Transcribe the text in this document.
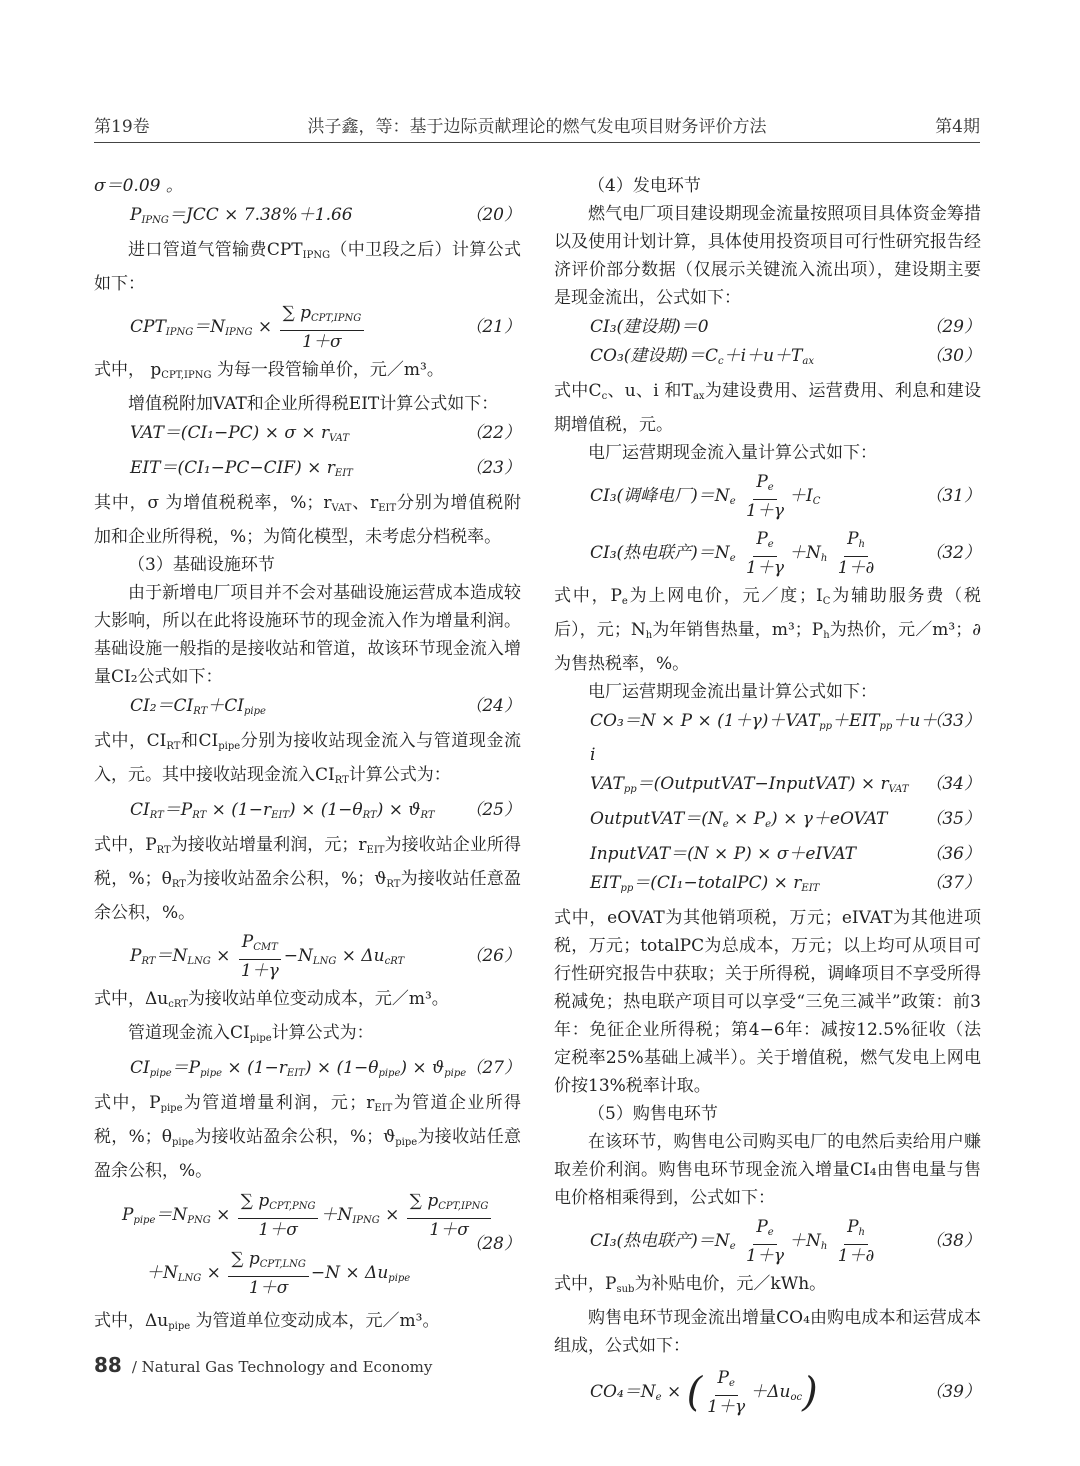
第19卷	洪子鑫，等：基于边际贡献理论的燃气发电项目财务评价方法	第4期

σ＝0.09 。

$P_{IPNG}=JCC \times 7.38\%+1.66$	（20）

进口管道气管输费$CPT_{IPNG}$（中卫段之后）计算公式如下：

$CPT_{IPNG}=N_{IPNG} \times \frac{\sum p_{CPT,IPNG}}{1+\sigma}$	（21）

式中， $p_{CPT,IPNG}$ 为每一段管输单价，元／m³。

增值税附加VAT和企业所得税EIT计算公式如下：

$VAT=(CI_1-PC) \times \sigma \times r_{VAT}$	（22）
$EIT=(CI_1-PC-CIF) \times r_{EIT}$	（23）

其中，σ 为增值税税率，%；$r_{VAT}$、$r_{EIT}$分别为增值税附加和企业所得税，%；为简化模型，未考虑分档税率。

（3）基础设施环节

由于新增电厂项目并不会对基础设施运营成本造成较大影响，所以在此将设施环节的现金流入作为增量利润。基础设施一般指的是接收站和管道，故该环节现金流入增量CI₂公式如下：

$CI_2=CI_{RT}+CI_{pipe}$	（24）

式中，$CI_{RT}$和$CI_{pipe}$分别为接收站现金流入与管道现金流入，元。其中接收站现金流入$CI_{RT}$计算公式为：

$CI_{RT}=P_{RT} \times (1-r_{EIT}) \times (1-\theta_{RT}) \times ϑ_{RT}$ （25）

式中，$P_{RT}$为接收站增量利润，元；$r_{EIT}$为接收站企业所得税，%；$\theta_{RT}$为接收站盈余公积，%；$ϑ_{RT}$为接收站任意盈余公积，%。

$P_{RT}=N_{LNG} \times \frac{P_{CMT}}{1+\gamma} -N_{LNG} \times \Delta u_{cRT}$	（26）

式中，$\Delta u_{cRT}$为接收站单位变动成本，元／m³。

管道现金流入$CI_{pipe}$计算公式为：

$CI_{pipe}=P_{pipe} \times (1-r_{EIT}) \times (1-\theta_{pipe}) \times ϑ_{pipe}$ （27）

式中，$P_{pipe}$为管道增量利润，元；$r_{EIT}$为管道企业所得税，%；$\theta_{pipe}$为接收站盈余公积，%；$ϑ_{pipe}$为接收站任意盈余公积，%。

$P_{pipe}=N_{PNG} \times \frac{\sum p_{CPT,PNG}}{1+\sigma} +N_{IPNG} \times \frac{\sum p_{CPT,IPNG}}{1+\sigma}$
$+N_{LNG} \times \frac{\sum p_{CPT,LNG}}{1+\sigma} -N \times \Delta u_{pipe}$
（28）

式中，$\Delta u_{pipe}$ 为管道单位变动成本，元／m³。

（4）发电环节

燃气电厂项目建设期现金流量按照项目具体资金筹措以及使用计划计算，具体使用投资项目可行性研究报告经济评价部分数据（仅展示关键流入流出项），建设期主要是现金流出，公式如下：

CI₃(建设期)＝0	（29）
CO₃(建设期)$=C_c+i+u+T_{ax}$	（30）

式中$C_c$、u、i 和$T_{ax}$为建设费用、运营费用、利息和建设期增值税，元。

电厂运营期现金流入量计算公式如下：

CI₃(调峰电厂)$=N_e \frac{P_e}{1+\gamma} +I_C$	（31）
CI₃(热电联产)$=N_e \frac{P_e}{1+\gamma} +N_h \frac{P_h}{1+\partial}$	（32）

式中，$P_e$为上网电价，元／度；$I_C$为辅助服务费（税后），元；$N_h$为年销售热量，m³；$P_h$为热价，元／m³；∂为售热税率，%。

电厂运营期现金流出量计算公式如下：

$CO_3=N \times P \times (1+\gamma)+VAT_{pp}+EIT_{pp}+u+i$
（33）
$VAT_{pp}=(OutputVAT-InputVAT) \times r_{VAT}$ （34）
$OutputVAT=(N_e \times P_e)$ × γ＋eOVAT （35）
InputVAT＝(N × P) × σ＋eIVAT	（36）
$EIT_{pp}=(CI_1-totalPC) \times r_{EIT}$	（37）

式中，eOVAT为其他销项税，万元；eIVAT为其他进项税，万元；totalPC为总成本，万元；以上均可从项目可行性研究报告中获取；关于所得税，调峰项目不享受所得税减免；热电联产项目可以享受“三免三减半”政策：前3年：免征企业所得税；第4−6年：减按12.5%征收（法定税率25%基础上减半）。关于增值税，燃气发电上网电价按13%税率计取。

（5）购售电环节

在该环节，购售电公司购买电厂的电然后卖给用户赚取差价利润。购售电环节现金流入增量CI₄由售电量与售电价格相乘得到，公式如下：

CI₃(热电联产)$=N_e \frac{P_e}{1+\gamma} +N_h \frac{P_h}{1+\partial}$	（38）

式中，$P_{sub}$为补贴电价，元／kWh。

购售电环节现金流出增量CO₄由购电成本和运营成本组成，公式如下：

$CO_4=N_e$ × ( $\frac{P_e}{1+\gamma} +\Delta u_{oc}$)	（39）
88 / Natural Gas Technology and Economy
